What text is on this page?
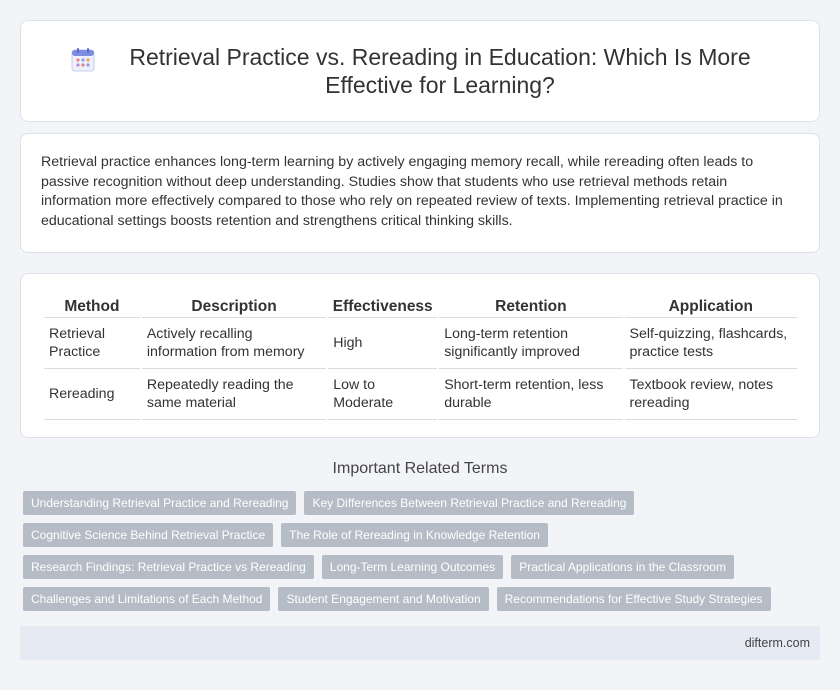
Retrieval Practice vs. Rereading in Education: Which Is More Effective for Learning?

Retrieval practice enhances long-term learning by actively engaging memory recall, while rereading often leads to passive recognition without deep understanding. Studies show that students who use retrieval methods retain information more effectively compared to those who rely on repeated review of texts. Implementing retrieval practice in educational settings boosts retention and strengthens critical thinking skills.

Method	Description	Effectiveness	Retention	Application
Retrieval Practice	Actively recalling information from memory	High	Long-term retention significantly improved	Self-quizzing, flashcards, practice tests
Rereading	Repeatedly reading the same material	Low to Moderate	Short-term retention, less durable	Textbook review, notes rereading
Important Related Terms
Understanding Retrieval Practice and Rereading	Key Differences Between Retrieval Practice and Rereading
Cognitive Science Behind Retrieval Practice	The Role of Rereading in Knowledge Retention
Research Findings: Retrieval Practice vs Rereading	Long-Term Learning Outcomes	Practical Applications in the Classroom
Challenges and Limitations of Each Method	Student Engagement and Motivation	Recommendations for Effective Study Strategies
difterm.com
